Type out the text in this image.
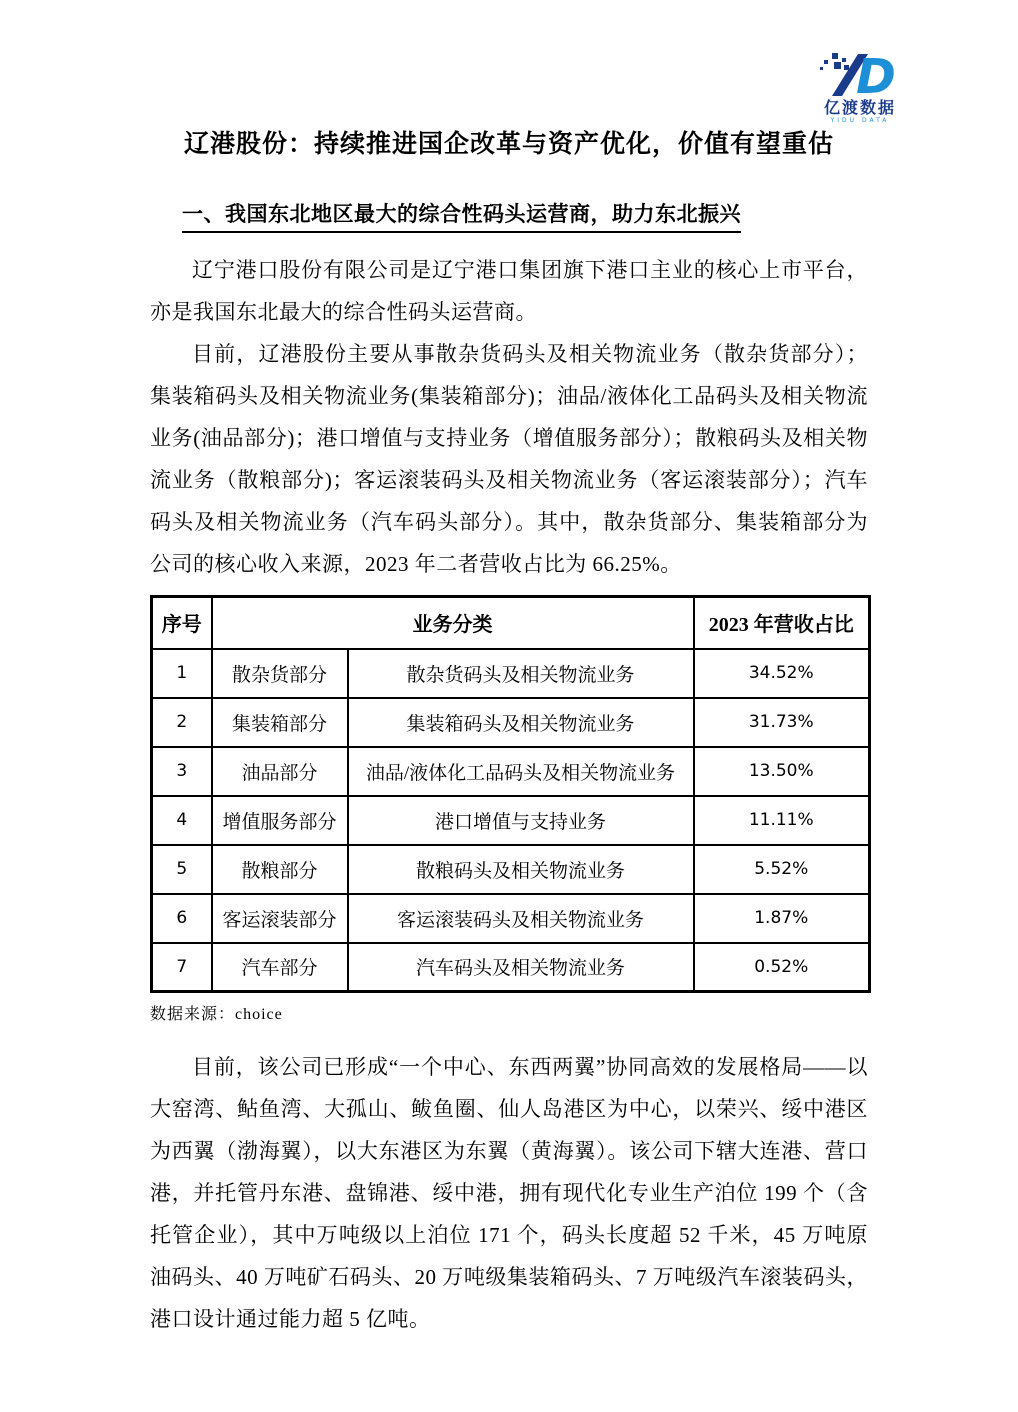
D
亿渡数据
YIDU DATA
辽港股份：持续推进国企改革与资产优化，价值有望重估
一、我国东北地区最大的综合性码头运营商，助力东北振兴

辽宁港口股份有限公司是辽宁港口集团旗下港口主业的核心上市平台，亦是我国东北最大的综合性码头运营商。

目前，辽港股份主要从事散杂货码头及相关物流业务（散杂货部分）；集装箱码头及相关物流业务(集装箱部分)；油品/液体化工品码头及相关物流业务(油品部分)；港口增值与支持业务（增值服务部分）；散粮码头及相关物流业务（散粮部分)；客运滚装码头及相关物流业务（客运滚装部分）；汽车码头及相关物流业务（汽车码头部分）。其中，散杂货部分、集装箱部分为公司的核心收入来源，2023 年二者营收占比为 66.25%。

序号	业务分类		2023 年营收占比
1	散杂货部分	散杂货码头及相关物流业务	34.52%
2	集装箱部分	集装箱码头及相关物流业务	31.73%
3	油品部分	油品/液体化工品码头及相关物流业务	13.50%
4	增值服务部分	港口增值与支持业务	11.11%
5	散粮部分	散粮码头及相关物流业务	5.52%
6	客运滚装部分	客运滚装码头及相关物流业务	1.87%
7	汽车部分	汽车码头及相关物流业务	0.52%
数据来源：choice

目前，该公司已形成“一个中心、东西两翼”协同高效的发展格局——以大窑湾、鲇鱼湾、大孤山、鲅鱼圈、仙人岛港区为中心，以荣兴、绥中港区为西翼（渤海翼），以大东港区为东翼（黄海翼）。该公司下辖大连港、营口港，并托管丹东港、盘锦港、绥中港，拥有现代化专业生产泊位 199 个（含托管企业），其中万吨级以上泊位 171 个，码头长度超 52 千米，45 万吨原油码头、40 万吨矿石码头、20 万吨级集装箱码头、7 万吨级汽车滚装码头，港口设计通过能力超 5 亿吨。
